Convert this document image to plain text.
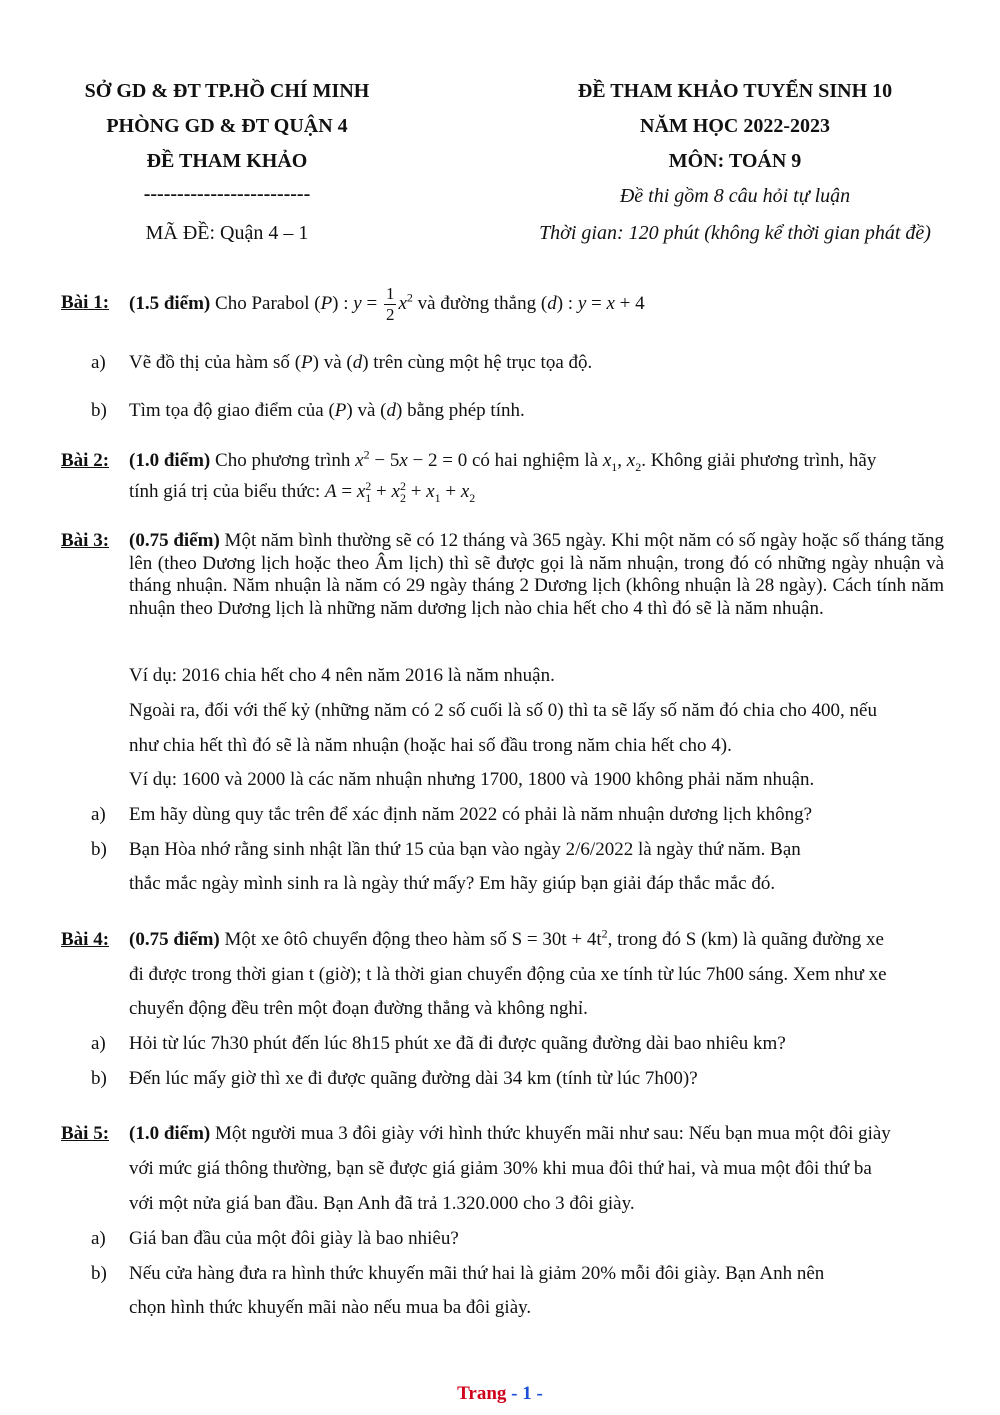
SỞ GD & ĐT TP.HỒ CHÍ MINH
PHÒNG GD & ĐT QUẬN 4
ĐỀ THAM KHẢO
-------------------------
MÃ ĐỀ: Quận 4 – 1
ĐỀ THAM KHẢO TUYỂN SINH 10
NĂM HỌC 2022-2023
MÔN: TOÁN 9
Đề thi gồm 8 câu hỏi tự luận
Thời gian: 120 phút (không kể thời gian phát đề)
Bài 1: (1.5 điểm) Cho Parabol (P) : $y = \frac{1}{2} x^2$ và đường thẳng (d) : y = x + 4
a) Vẽ đồ thị của hàm số (P) và (d) trên cùng một hệ trục tọa độ.
b) Tìm tọa độ giao điểm của (P) và (d) bằng phép tính.
Bài 2: (1.0 điểm) Cho phương trình $x^2 - 5x - 2 = 0$ có hai nghiệm là $x_1$, $x_2$. Không giải phương trình, hãy
tính giá trị của biểu thức: $A = x_1^2 + x_2^2 + x_1 + x_2$
Bài 3: (0.75 điểm) Một năm bình thường sẽ có 12 tháng và 365 ngày. Khi một năm có số ngày hoặc số tháng tăng lên (theo Dương lịch hoặc theo Âm lịch) thì sẽ được gọi là năm nhuận, trong đó có những ngày nhuận và tháng nhuận. Năm nhuận là năm có 29 ngày tháng 2 Dương lịch (không nhuận là 28 ngày). Cách tính năm nhuận theo Dương lịch là những năm dương lịch nào chia hết cho 4 thì đó sẽ là năm nhuận.
Ví dụ: 2016 chia hết cho 4 nên năm 2016 là năm nhuận.
Ngoài ra, đối với thế kỷ (những năm có 2 số cuối là số 0) thì ta sẽ lấy số năm đó chia cho 400, nếu
như chia hết thì đó sẽ là năm nhuận (hoặc hai số đầu trong năm chia hết cho 4).
Ví dụ: 1600 và 2000 là các năm nhuận nhưng 1700, 1800 và 1900 không phải năm nhuận.
a) Em hãy dùng quy tắc trên để xác định năm 2022 có phải là năm nhuận dương lịch không?
b) Bạn Hòa nhớ rằng sinh nhật lần thứ 15 của bạn vào ngày 2/6/2022 là ngày thứ năm. Bạn
thắc mắc ngày mình sinh ra là ngày thứ mấy? Em hãy giúp bạn giải đáp thắc mắc đó.
Bài 4: (0.75 điểm) Một xe ôtô chuyển động theo hàm số $S = 30t + 4t^2$, trong đó S (km) là quãng đường xe
đi được trong thời gian t (giờ); t là thời gian chuyển động của xe tính từ lúc 7h00 sáng. Xem như xe
chuyển động đều trên một đoạn đường thẳng và không nghỉ.
a) Hỏi từ lúc 7h30 phút đến lúc 8h15 phút xe đã đi được quãng đường dài bao nhiêu km?
b) Đến lúc mấy giờ thì xe đi được quãng đường dài 34 km (tính từ lúc 7h00)?
Bài 5: (1.0 điểm) Một người mua 3 đôi giày với hình thức khuyến mãi như sau: Nếu bạn mua một đôi giày
với mức giá thông thường, bạn sẽ được giá giảm 30% khi mua đôi thứ hai, và mua một đôi thứ ba
với một nửa giá ban đầu. Bạn Anh đã trả 1.320.000 cho 3 đôi giày.
a) Giá ban đầu của một đôi giày là bao nhiêu?
b) Nếu cửa hàng đưa ra hình thức khuyến mãi thứ hai là giảm 20% mỗi đôi giày. Bạn Anh nên
chọn hình thức khuyến mãi nào nếu mua ba đôi giày.
Trang - 1 -
